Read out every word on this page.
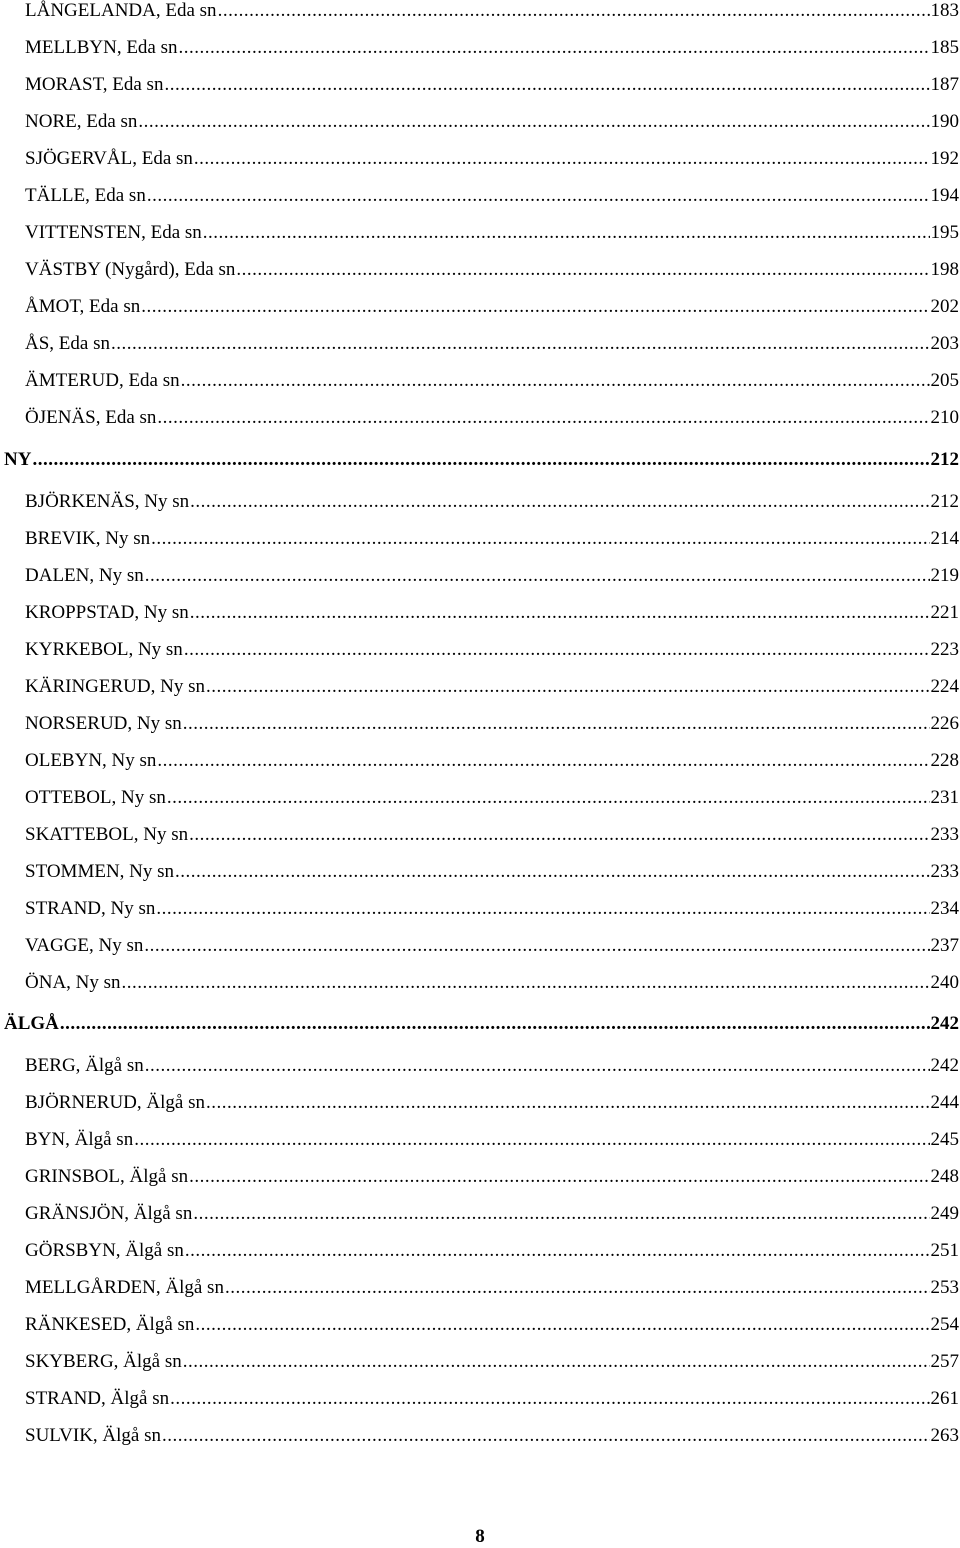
LÅNGELANDA, Eda sn .....	183
MELLBYN, Eda sn .....	185
MORAST, Eda sn .....	187
NORE, Eda sn .....	190
SJÖGERVÅL, Eda sn .....	192
TÄLLE, Eda sn .....	194
VITTENSTEN, Eda sn .....	195
VÄSTBY (Nygård), Eda sn .....	198
ÅMOT, Eda sn .....	202
ÅS, Eda sn .....	203
ÄMTERUD, Eda sn .....	205
ÖJENÄS, Eda sn .....	210
NY .....	212
BJÖRKENÄS, Ny sn .....	212
BREVIK, Ny sn .....	214
DALEN, Ny sn .....	219
KROPPSTAD, Ny sn .....	221
KYRKEBOL, Ny sn .....	223
KÄRINGERUD, Ny sn .....	224
NORSERUD, Ny sn .....	226
OLEBYN, Ny sn .....	228
OTTEBOL, Ny sn .....	231
SKATTEBOL, Ny sn .....	233
STOMMEN, Ny sn .....	233
STRAND, Ny sn .....	234
VAGGE, Ny sn .....	237
ÖNA, Ny sn .....	240
ÄLGÅ .....	242
BERG, Älgå sn .....	242
BJÖRNERUD, Älgå sn .....	244
BYN, Älgå sn .....	245
GRINSBOL, Älgå sn .....	248
GRÄNSJÖN, Älgå sn .....	249
GÖRSBYN, Älgå sn .....	251
MELLGÅRDEN, Älgå sn .....	253
RÄNKESED, Älgå sn .....	254
SKYBERG, Älgå sn .....	257
STRAND, Älgå sn .....	261
SULVIK, Älgå sn .....	263
8
